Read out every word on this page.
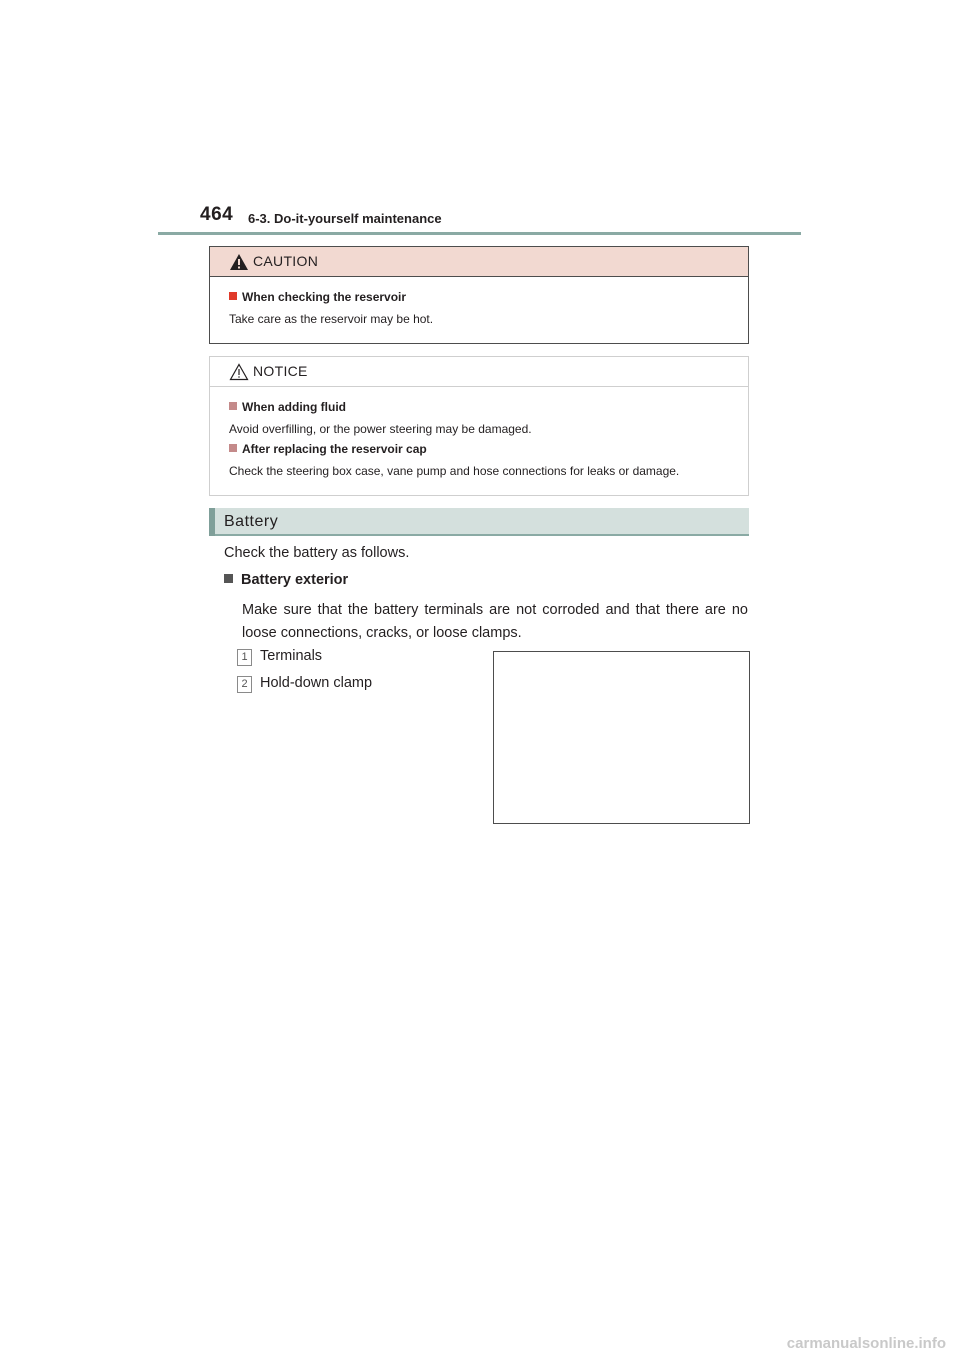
464 6-3. Do-it-yourself maintenance
CAUTION
When checking the reservoir
Take care as the reservoir may be hot.
NOTICE
When adding fluid
Avoid overfilling, or the power steering may be damaged.
After replacing the reservoir cap
Check the steering box case, vane pump and hose connections for leaks or damage.
Battery
Check the battery as follows.
Battery exterior
Make sure that the battery terminals are not corroded and that there are no
loose connections, cracks, or loose clamps.
1 Terminals
2 Hold-down clamp
carmanualsonline.info
